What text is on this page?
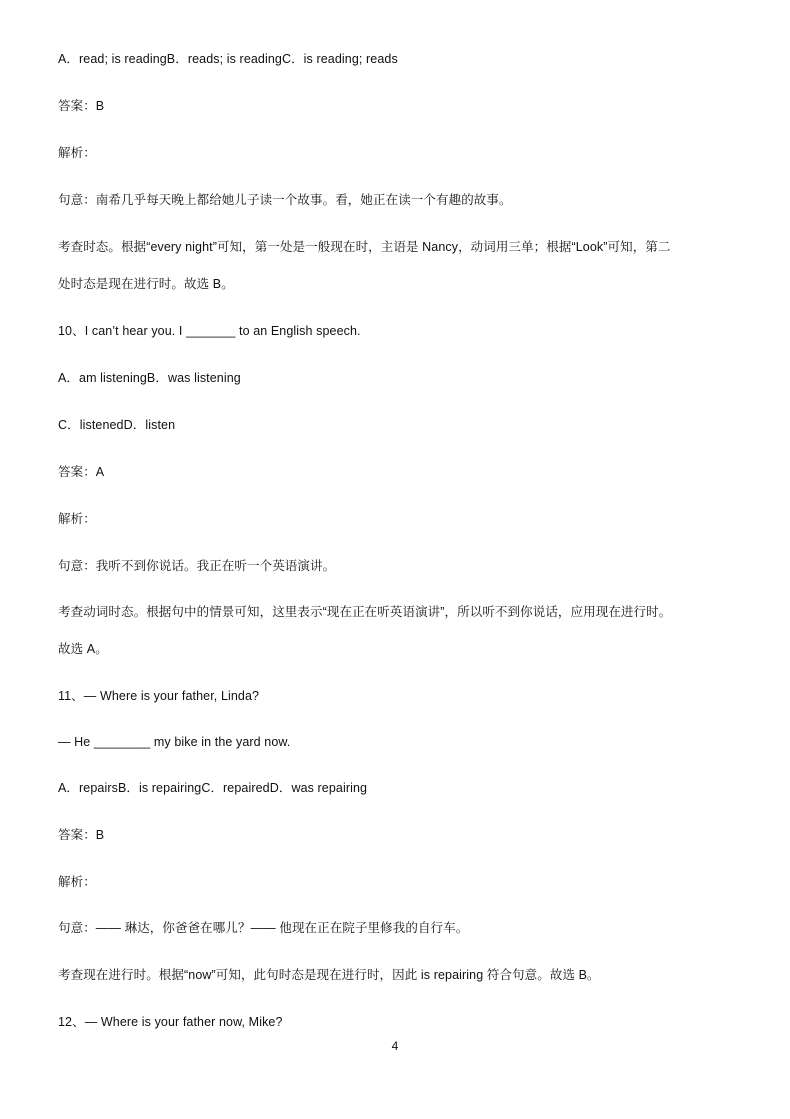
A．read; is readingB．reads; is readingC．is reading; reads
答案：B
解析：
句意：南希几乎每天晚上都给她儿子读一个故事。看，她正在读一个有趣的故事。
考查时态。根据“every night”可知，第一处是一般现在时，主语是 Nancy，动词用三单；根据“Look”可知，第二
处时态是现在进行时。故选 B。
10、I can’t hear you. I _______ to an English speech.
A．am listeningB．was listening
C．listenedD．listen
答案：A
解析：
句意：我听不到你说话。我正在听一个英语演讲。
考查动词时态。根据句中的情景可知，这里表示“现在正在听英语演讲”，所以听不到你说话，应用现在进行时。
故选 A。
11、— Where is your father, Linda?
— He ________ my bike in the yard now.
A．repairsB．is repairingC．repairedD．was repairing
答案：B
解析：
句意：—— 琳达，你爸爸在哪儿？—— 他现在正在院子里修我的自行车。
考查现在进行时。根据“now”可知，此句时态是现在进行时，因此 is repairing 符合句意。故选 B。
12、— Where is your father now, Mike?
4
